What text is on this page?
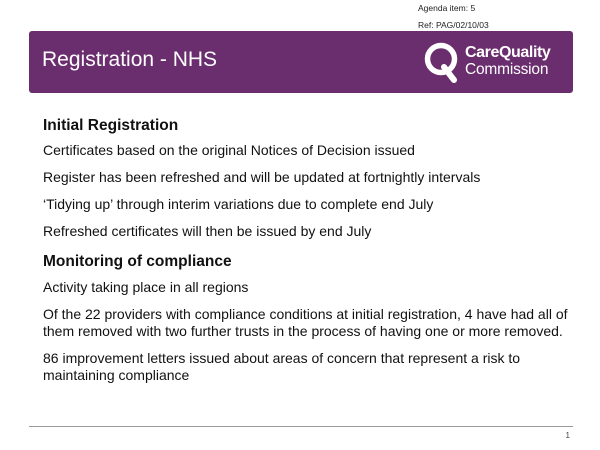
Agenda item: 5
Ref: PAG/02/10/03
Registration - NHS	CareQuality
Commission
Initial Registration

Certificates based on the original Notices of Decision issued

Register has been refreshed and will be updated at fortnightly intervals

‘Tidying up’ through interim variations due to complete end July

Refreshed certificates will then be issued by end July

Monitoring of compliance

Activity taking place in all regions

Of the 22 providers with compliance conditions at initial registration, 4 have had all of them removed with two further trusts in the process of having one or more removed.

86 improvement letters issued about areas of concern that represent a risk to maintaining compliance

1
